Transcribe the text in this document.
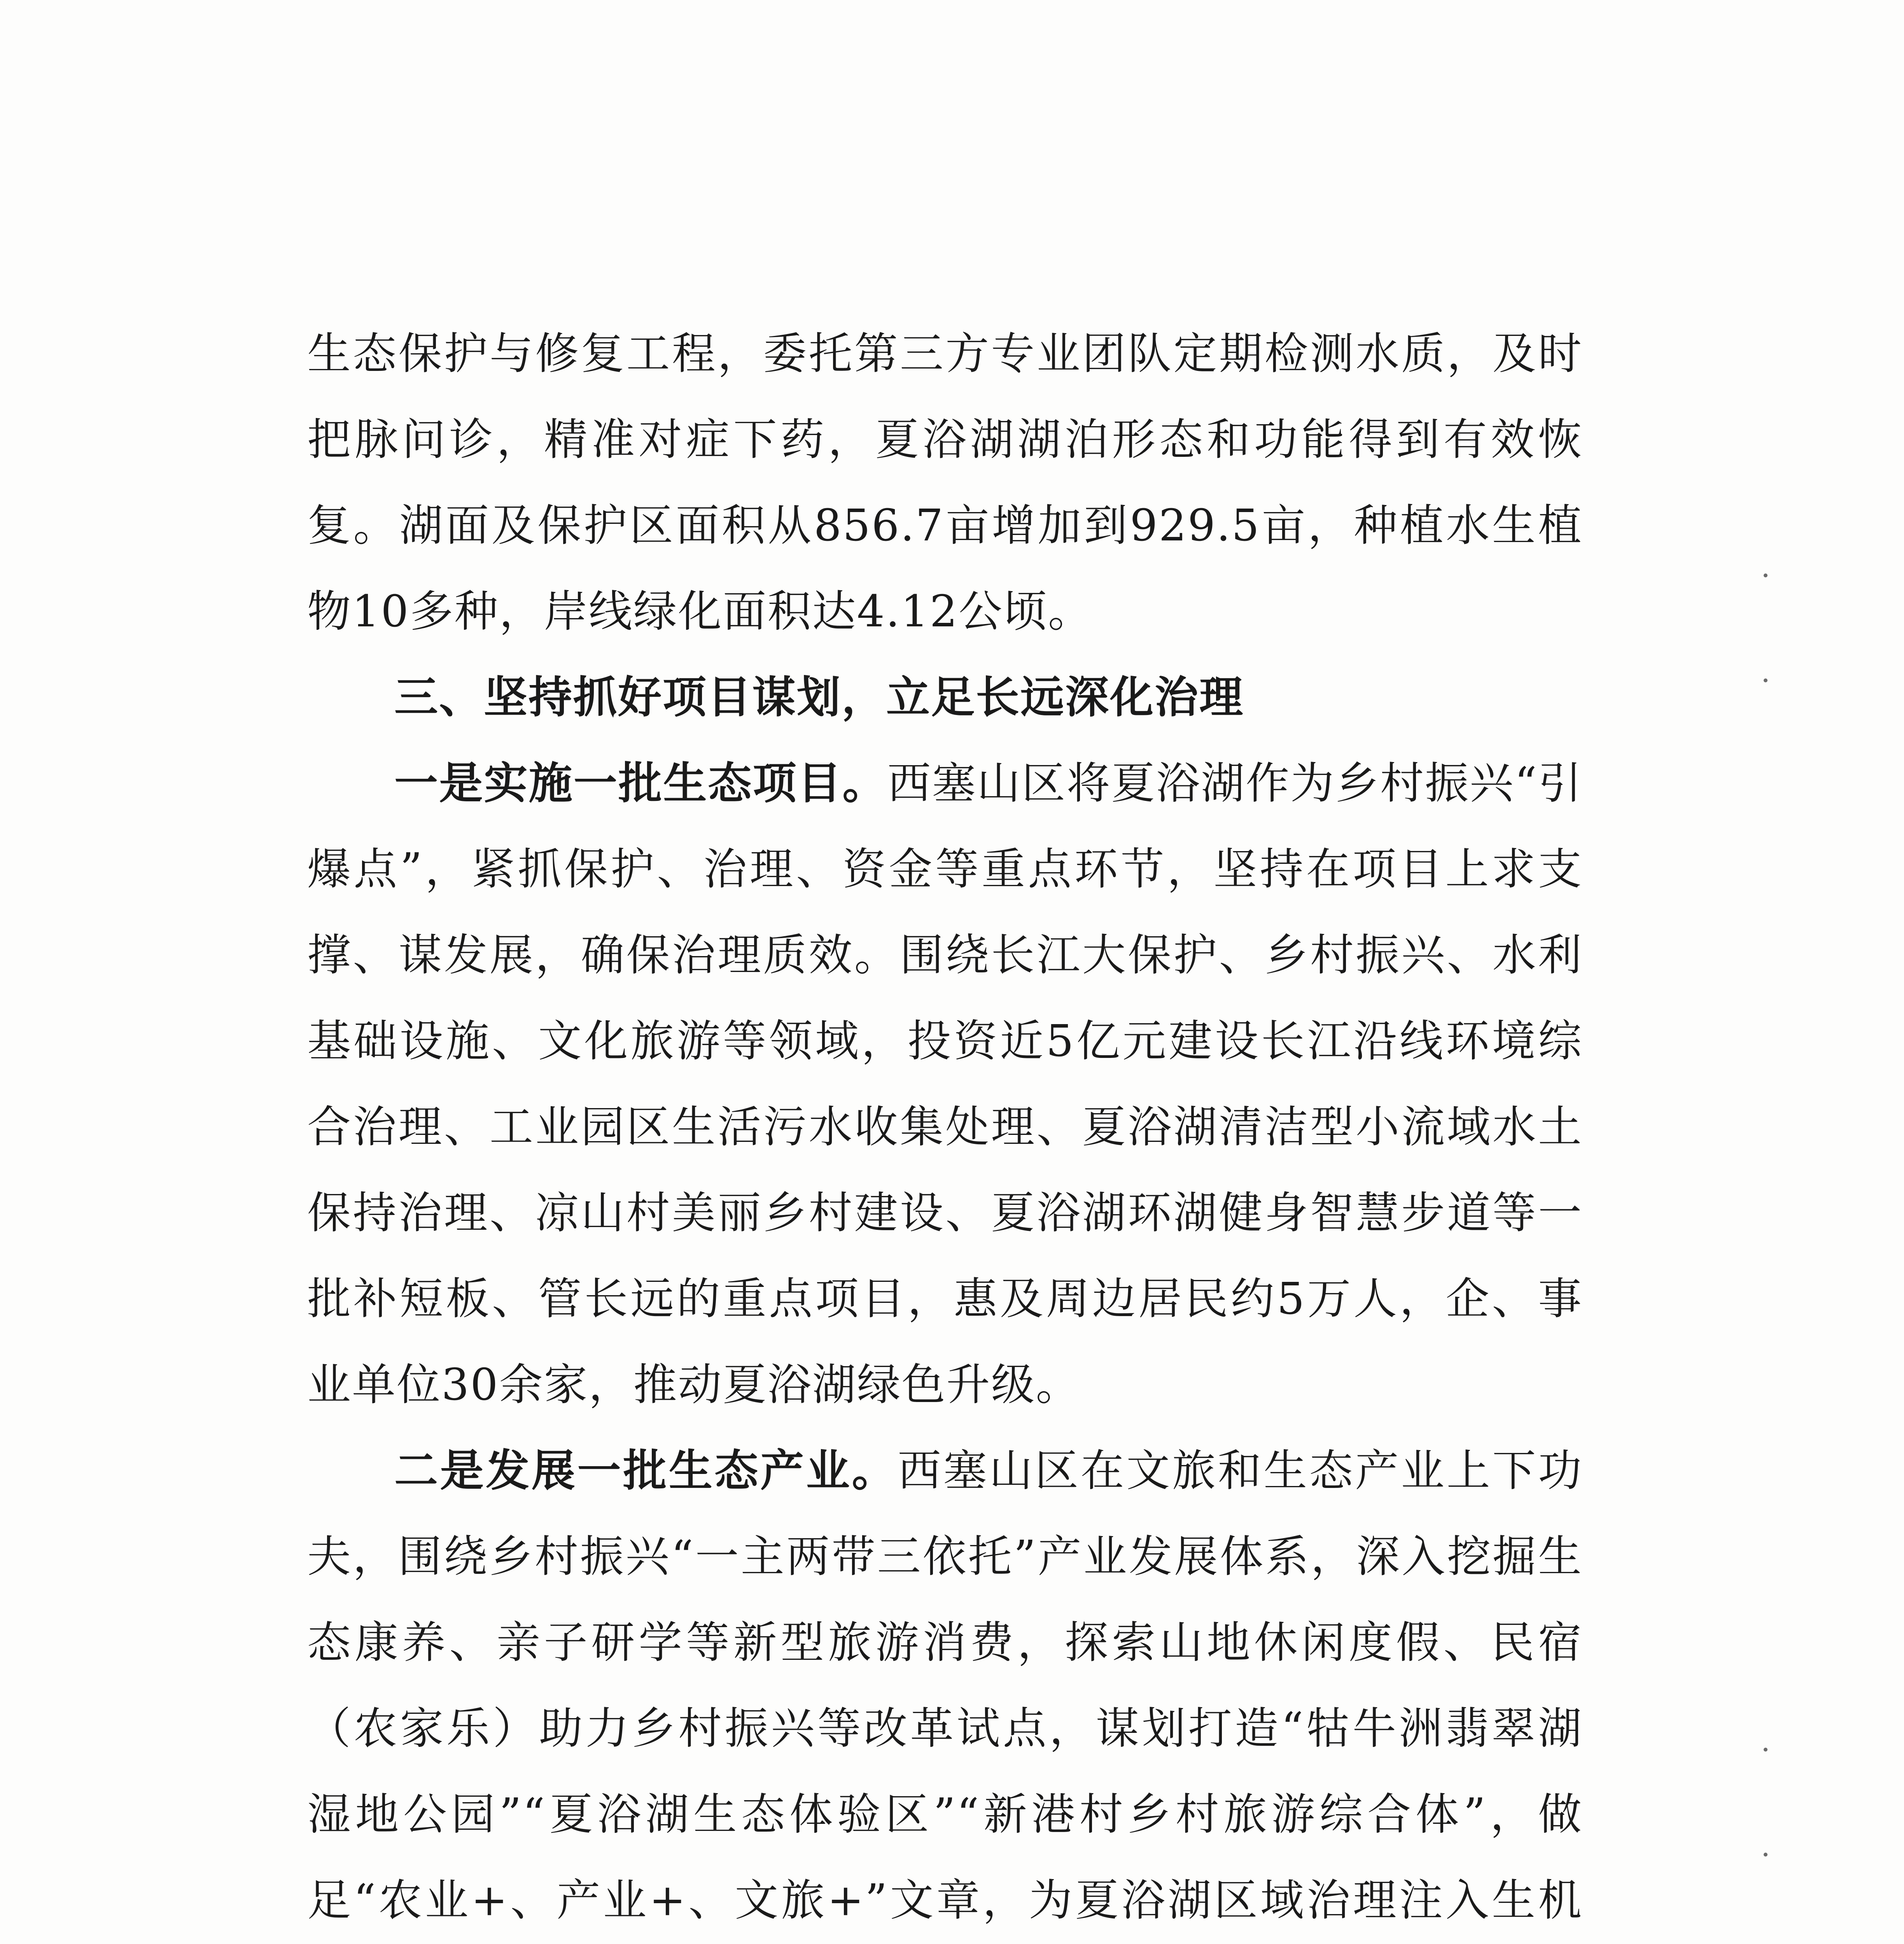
生态保护与修复工程，委托第三方专业团队定期检测水质，及时把脉问诊，精准对症下药，夏浴湖湖泊形态和功能得到有效恢复。湖面及保护区面积从856.7亩增加到929.5亩，种植水生植物10多种，岸线绿化面积达4.12公顷。

三、坚持抓好项目谋划，立足长远深化治理

一是实施一批生态项目。西塞山区将夏浴湖作为乡村振兴“引爆点”，紧抓保护、治理、资金等重点环节，坚持在项目上求支撑、谋发展，确保治理质效。围绕长江大保护、乡村振兴、水利基础设施、文化旅游等领域，投资近5亿元建设长江沿线环境综合治理、工业园区生活污水收集处理、夏浴湖清洁型小流域水土保持治理、凉山村美丽乡村建设、夏浴湖环湖健身智慧步道等一批补短板、管长远的重点项目，惠及周边居民约5万人，企、事业单位30余家，推动夏浴湖绿色升级。

二是发展一批生态产业。西塞山区在文旅和生态产业上下功夫，围绕乡村振兴“一主两带三依托”产业发展体系，深入挖掘生态康养、亲子研学等新型旅游消费，探索山地休闲度假、民宿（农家乐）助力乡村振兴等改革试点，谋划打造“牯牛洲翡翠湖湿地公园”“夏浴湖生态体验区”“新港村乡村旅游综合体”，做足“农业+、产业+、文旅+”文章，为夏浴湖区域治理注入生机
